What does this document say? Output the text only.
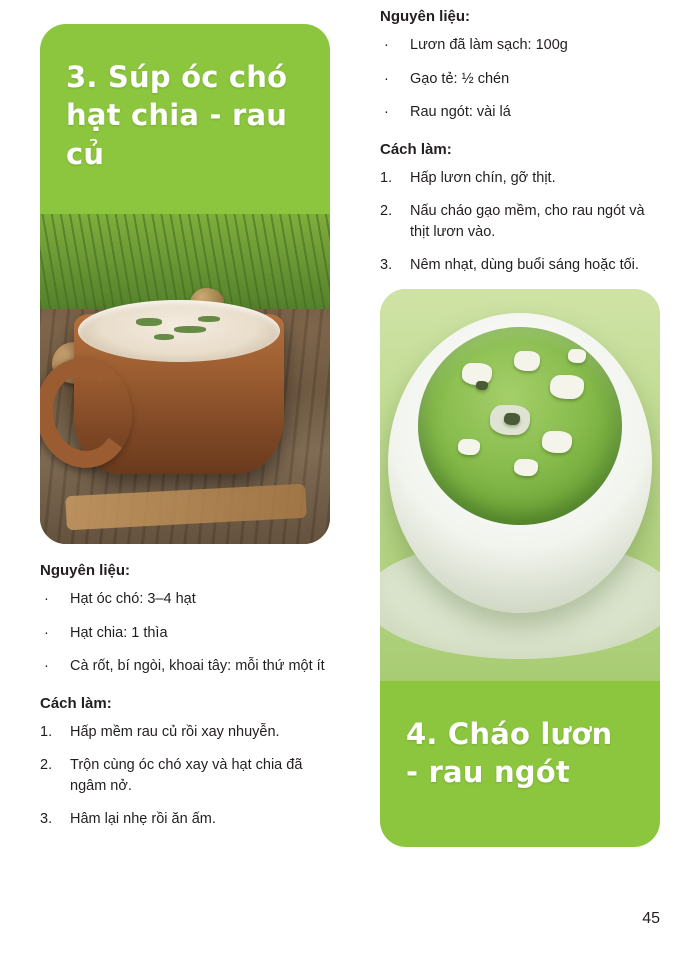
3. Súp óc chó
hạt chia - rau củ
Nguyên liệu:
· Hạt óc chó: 3–4 hạt
· Hạt chia: 1 thìa
· Cà rốt, bí ngòi, khoai tây: mỗi thứ một ít
Cách làm:
1. Hấp mềm rau củ rồi xay nhuyễn.
2. Trộn cùng óc chó xay và hạt chia đã ngâm nở.
3. Hâm lại nhẹ rồi ăn ấm.
Nguyên liệu:
· Lươn đã làm sạch: 100g
· Gạo tẻ: ½ chén
· Rau ngót: vài lá
Cách làm:
1. Hấp lươn chín, gỡ thịt.
2. Nấu cháo gạo mềm, cho rau ngót và thịt lươn vào.
3. Nêm nhạt, dùng buổi sáng hoặc tối.
4. Cháo lươn
- rau ngót
45
